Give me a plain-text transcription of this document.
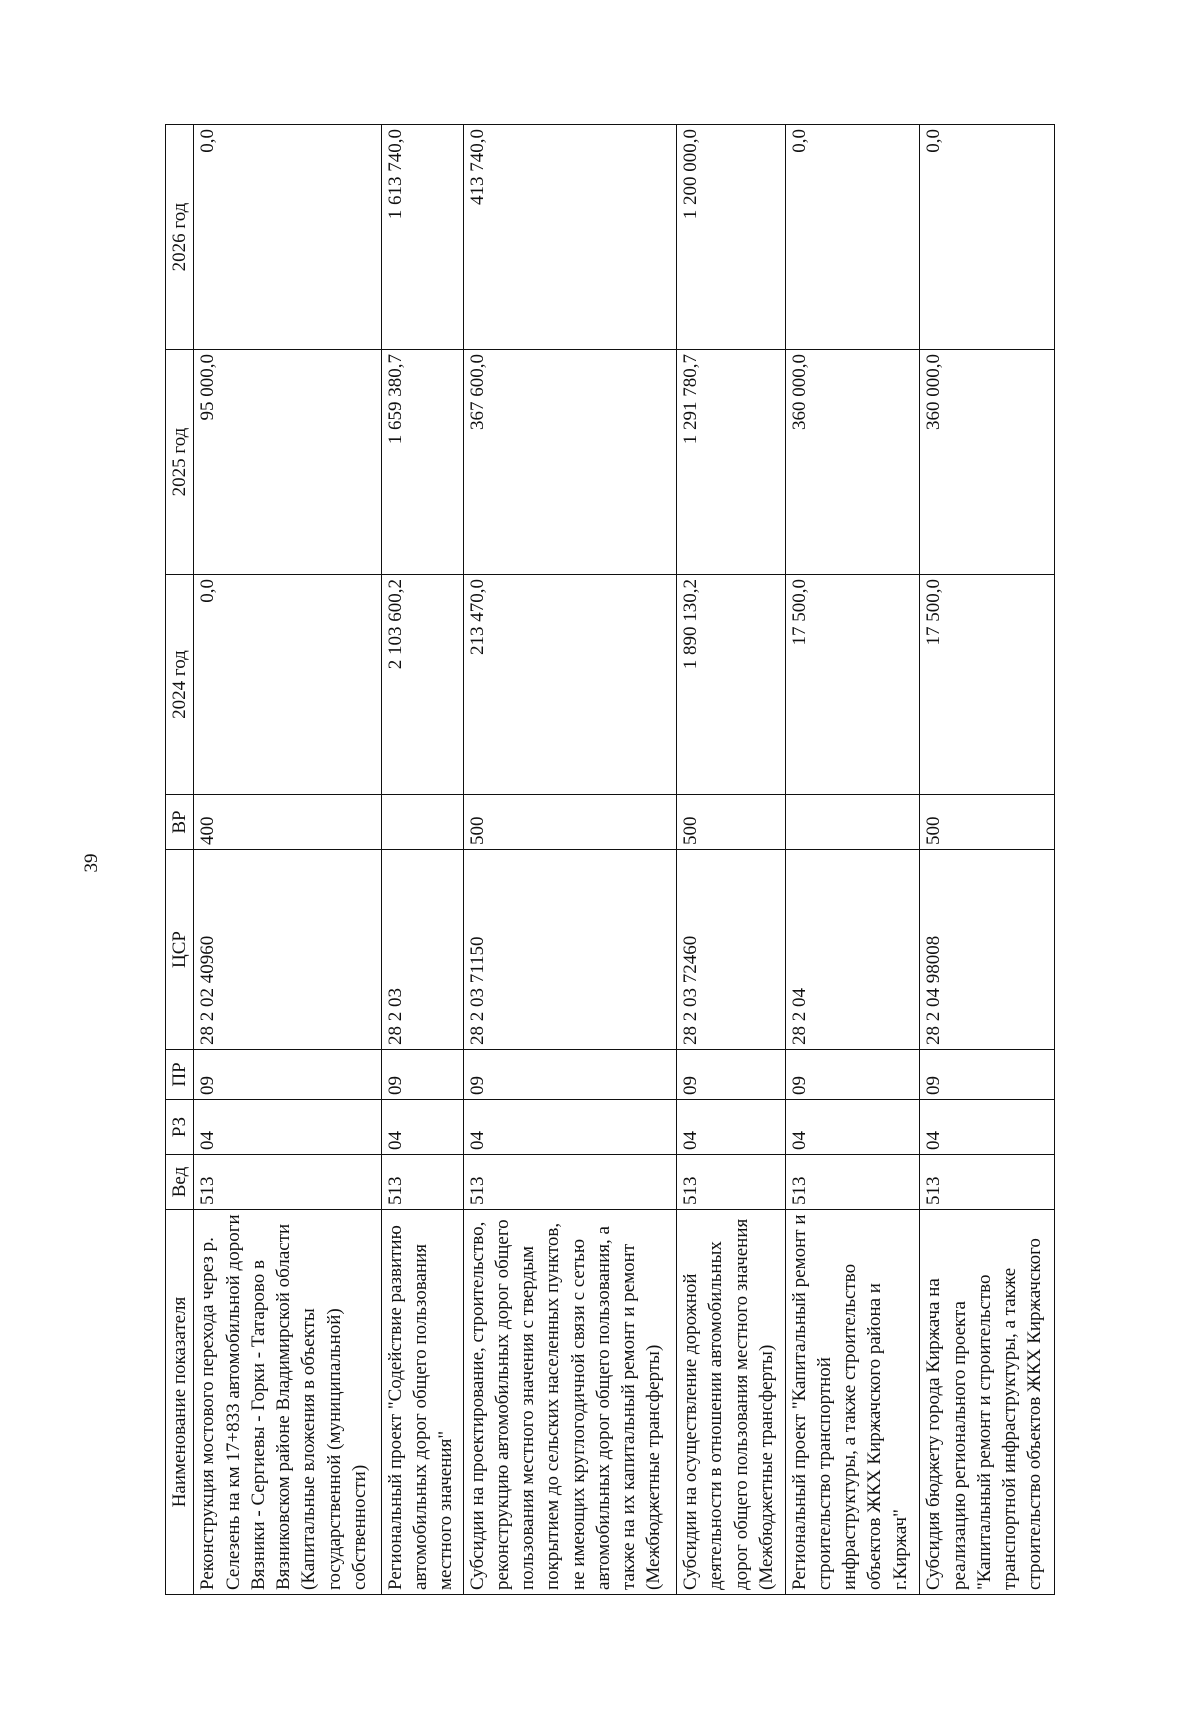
39
Наименование показателя	Вед	РЗ	ПР	ЦСР	ВР	2024 год	2025 год	2026 год
Реконструкция мостового перехода через р. Селезень на км 17+833 автомобильной дороги Вязники - Сергиевы - Горки - Татарово в Вязниковском районе Владимирской области (Капитальные вложения в объекты государственной (муниципальной) собственности)	513	04	09	28 2 02 40960	400	0,0	95 000,0	0,0
Региональный проект "Содействие развитию автомобильных дорог общего пользования местного значения"	513	04	09	28 2 03		2 103 600,2	1 659 380,7	1 613 740,0
Субсидии на проектирование, строительство, реконструкцию автомобильных дорог общего пользования местного значения с твердым покрытием до сельских населенных пунктов, не имеющих круглогодичной связи с сетью автомобильных дорог общего пользования, а также на их капитальный ремонт и ремонт (Межбюджетные трансферты)	513	04	09	28 2 03 71150	500	213 470,0	367 600,0	413 740,0
Субсидии на осуществление дорожной деятельности в отношении автомобильных дорог общего пользования местного значения (Межбюджетные трансферты)	513	04	09	28 2 03 72460	500	1 890 130,2	1 291 780,7	1 200 000,0
Региональный проект "Капитальный ремонт и строительство транспортной инфраструктуры, а также строительство объектов ЖКХ Киржачского района и г.Киржач"	513	04	09	28 2 04		17 500,0	360 000,0	0,0
Субсидия бюджету города Киржача на реализацию регионального проекта "Капитальный ремонт и строительство транспортной инфраструктуры, а также строительство объектов ЖКХ Киржачского	513	04	09	28 2 04 98008	500	17 500,0	360 000,0	0,0
